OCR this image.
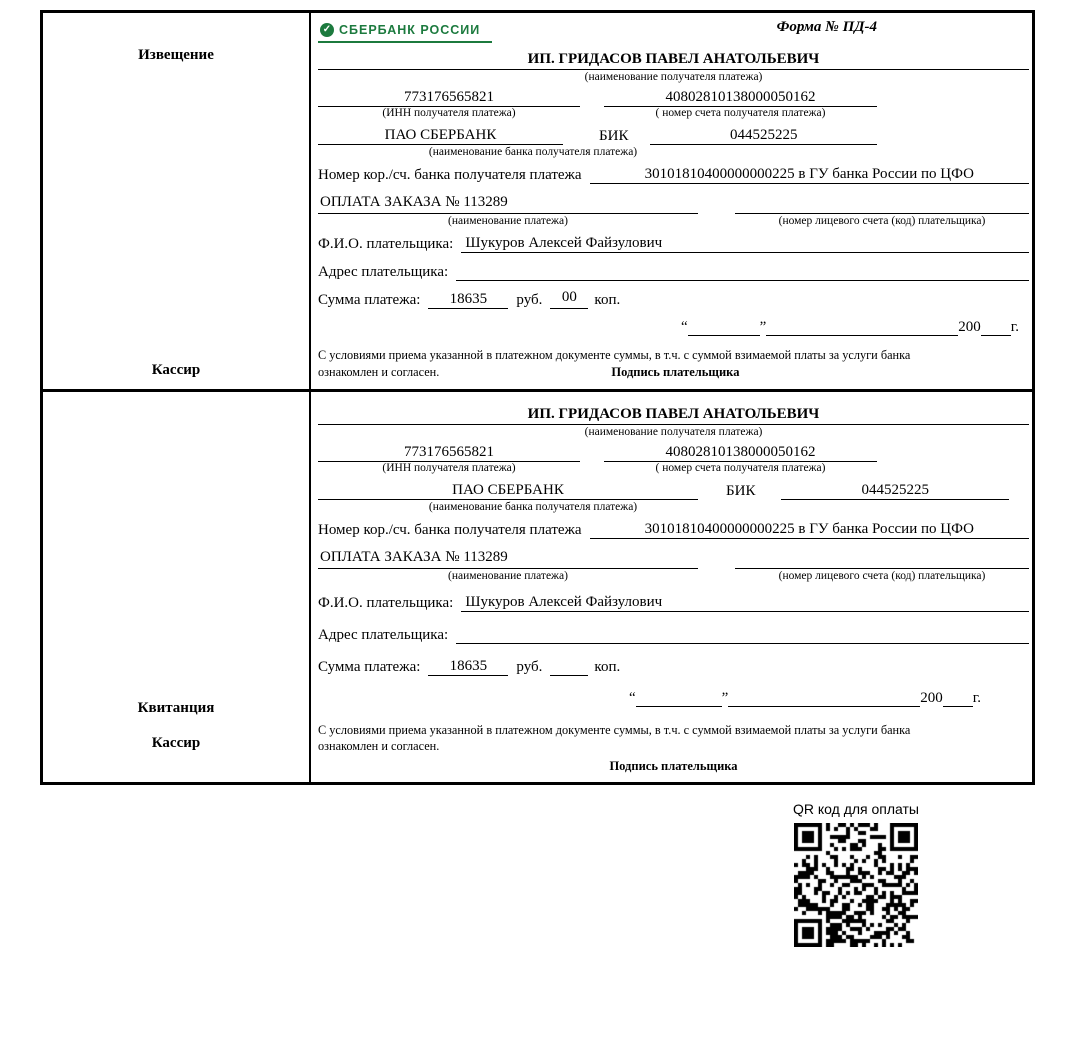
Извещение
Кассир
✓ СБЕРБАНК РОССИИ	Форма № ПД-4
ИП. ГРИДАСОВ ПАВЕЛ АНАТОЛЬЕВИЧ
(наименование получателя платежа)
773176565821	40802810138000050162
(ИНН получателя платежа)	( номер счета получателя платежа)
ПАО СБЕРБАНК	БИК	044525225
(наименование банка получателя платежа)
Номер кор./сч. банка получателя платежа	30101810400000000225 в ГУ банка России по ЦФО
ОПЛАТА ЗАКАЗА № 113289
(наименование платежа)	(номер лицевого счета (код) плательщика)
Ф.И.О. плательщика: Шукуров Алексей Файзулович
Адрес плательщика:
Сумма платежа:	18635	руб.	00	коп.
“	”	200 г.
С условиями приема указанной в платежном документе суммы, в т.ч. с суммой взимаемой платы за услуги банка
ознакомлен и согласен.	Подпись плательщика
Квитанция
Кассир
ИП. ГРИДАСОВ ПАВЕЛ АНАТОЛЬЕВИЧ
(наименование получателя платежа)
773176565821	40802810138000050162
(ИНН получателя платежа)	( номер счета получателя платежа)
ПАО СБЕРБАНК	БИК	044525225
(наименование банка получателя платежа)
Номер кор./сч. банка получателя платежа	30101810400000000225 в ГУ банка России по ЦФО
ОПЛАТА ЗАКАЗА № 113289
(наименование платежа)	(номер лицевого счета (код) плательщика)
Ф.И.О. плательщика: Шукуров Алексей Файзулович
Адрес плательщика:
Сумма платежа:	18635	руб.	коп.
“	”	200 г.
С условиями приема указанной в платежном документе суммы, в т.ч. с суммой взимаемой платы за услуги банка
ознакомлен и согласен.
Подпись плательщика
QR код для оплаты
